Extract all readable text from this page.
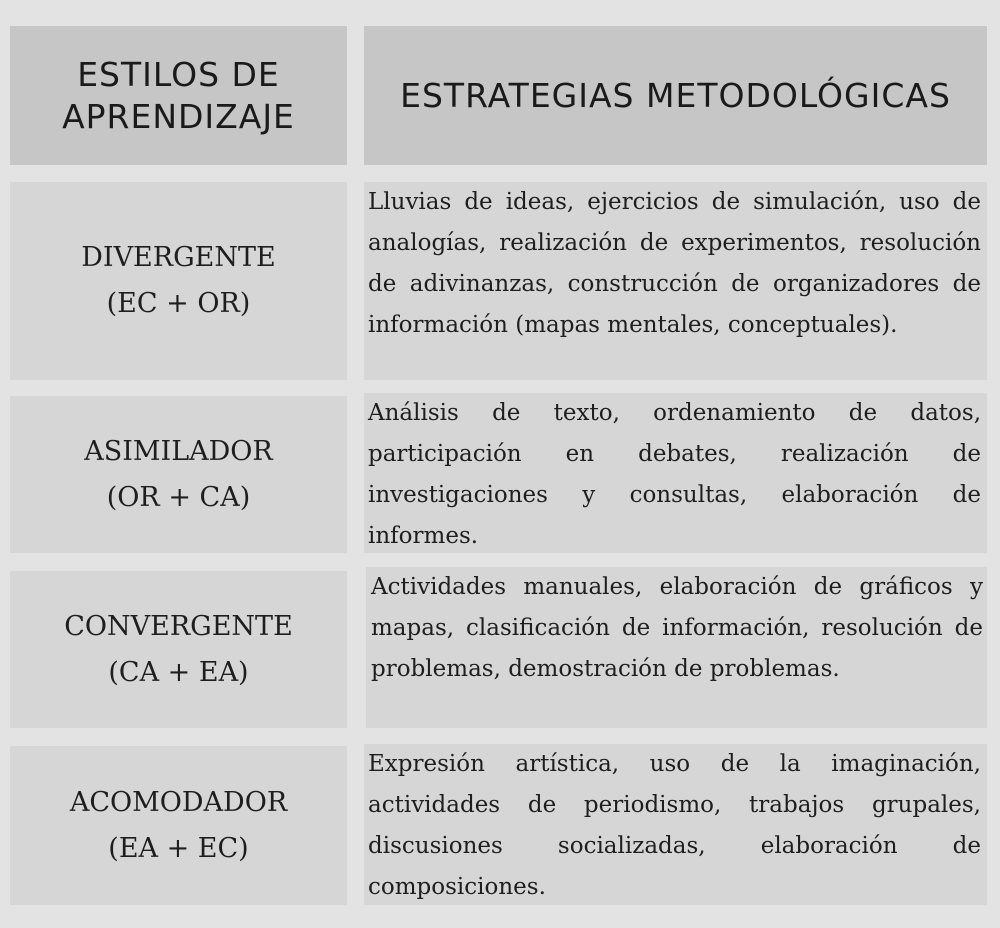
ESTILOS DE
APRENDIZAJE
ESTRATEGIAS METODOLÓGICAS
DIVERGENTE
(EC + OR)
Lluvias de ideas, ejercicios de simulación, uso de analogías, realización de experimentos, resolución de adivinanzas, construcción de organizadores de información (mapas mentales, conceptuales).
ASIMILADOR
(OR + CA)
Análisis de texto, ordenamiento de datos, participación en debates, realización de investigaciones y consultas, elaboración de informes.
CONVERGENTE
(CA + EA)
Actividades manuales, elaboración de gráficos y mapas, clasificación de información, resolución de problemas, demostración de problemas.
ACOMODADOR
(EA + EC)
Expresión artística, uso de la imaginación, actividades de periodismo, trabajos grupales, discusiones socializadas, elaboración de composiciones.
